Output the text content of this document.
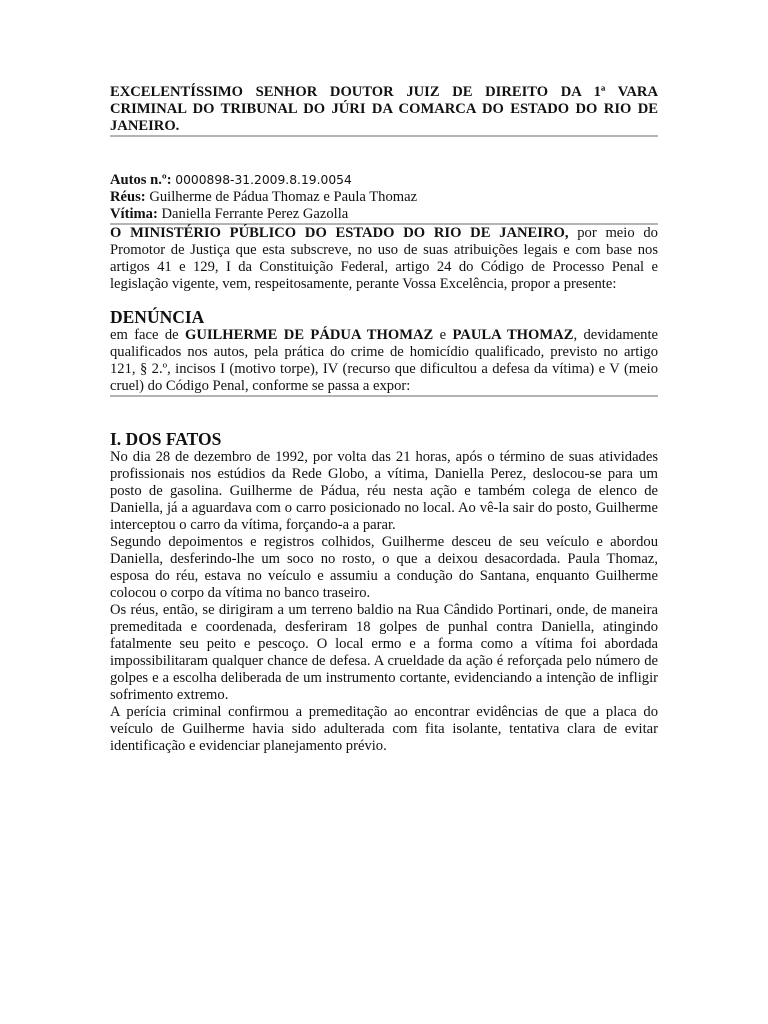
EXCELENTÍSSIMO SENHOR DOUTOR JUIZ DE DIREITO DA 1ª VARA CRIMINAL DO TRIBUNAL DO JÚRI DA COMARCA DO ESTADO DO RIO DE JANEIRO.

Autos n.º: 0000898-31.2009.8.19.0054
Réus: Guilherme de Pádua Thomaz e Paula Thomaz
Vítima: Daniella Ferrante Perez Gazolla

O MINISTÉRIO PÚBLICO DO ESTADO DO RIO DE JANEIRO, por meio do Promotor de Justiça que esta subscreve, no uso de suas atribuições legais e com base nos artigos 41 e 129, I da Constituição Federal, artigo 24 do Código de Processo Penal e legislação vigente, vem, respeitosamente, perante Vossa Excelência, propor a presente:

DENÚNCIA

em face de GUILHERME DE PÁDUA THOMAZ e PAULA THOMAZ, devidamente qualificados nos autos, pela prática do crime de homicídio qualificado, previsto no artigo 121, § 2.º, incisos I (motivo torpe), IV (recurso que dificultou a defesa da vítima) e V (meio cruel) do Código Penal, conforme se passa a expor:

I. DOS FATOS

No dia 28 de dezembro de 1992, por volta das 21 horas, após o término de suas atividades profissionais nos estúdios da Rede Globo, a vítima, Daniella Perez, deslocou-se para um posto de gasolina. Guilherme de Pádua, réu nesta ação e também colega de elenco de Daniella, já a aguardava com o carro posicionado no local. Ao vê-la sair do posto, Guilherme interceptou o carro da vítima, forçando-a a parar.

Segundo depoimentos e registros colhidos, Guilherme desceu de seu veículo e abordou Daniella, desferindo-lhe um soco no rosto, o que a deixou desacordada. Paula Thomaz, esposa do réu, estava no veículo e assumiu a condução do Santana, enquanto Guilherme colocou o corpo da vítima no banco traseiro.

Os réus, então, se dirigiram a um terreno baldio na Rua Cândido Portinari, onde, de maneira premeditada e coordenada, desferiram 18 golpes de punhal contra Daniella, atingindo fatalmente seu peito e pescoço. O local ermo e a forma como a vítima foi abordada impossibilitaram qualquer chance de defesa. A crueldade da ação é reforçada pelo número de golpes e a escolha deliberada de um instrumento cortante, evidenciando a intenção de infligir sofrimento extremo.

A perícia criminal confirmou a premeditação ao encontrar evidências de que a placa do veículo de Guilherme havia sido adulterada com fita isolante, tentativa clara de evitar identificação e evidenciar planejamento prévio.
